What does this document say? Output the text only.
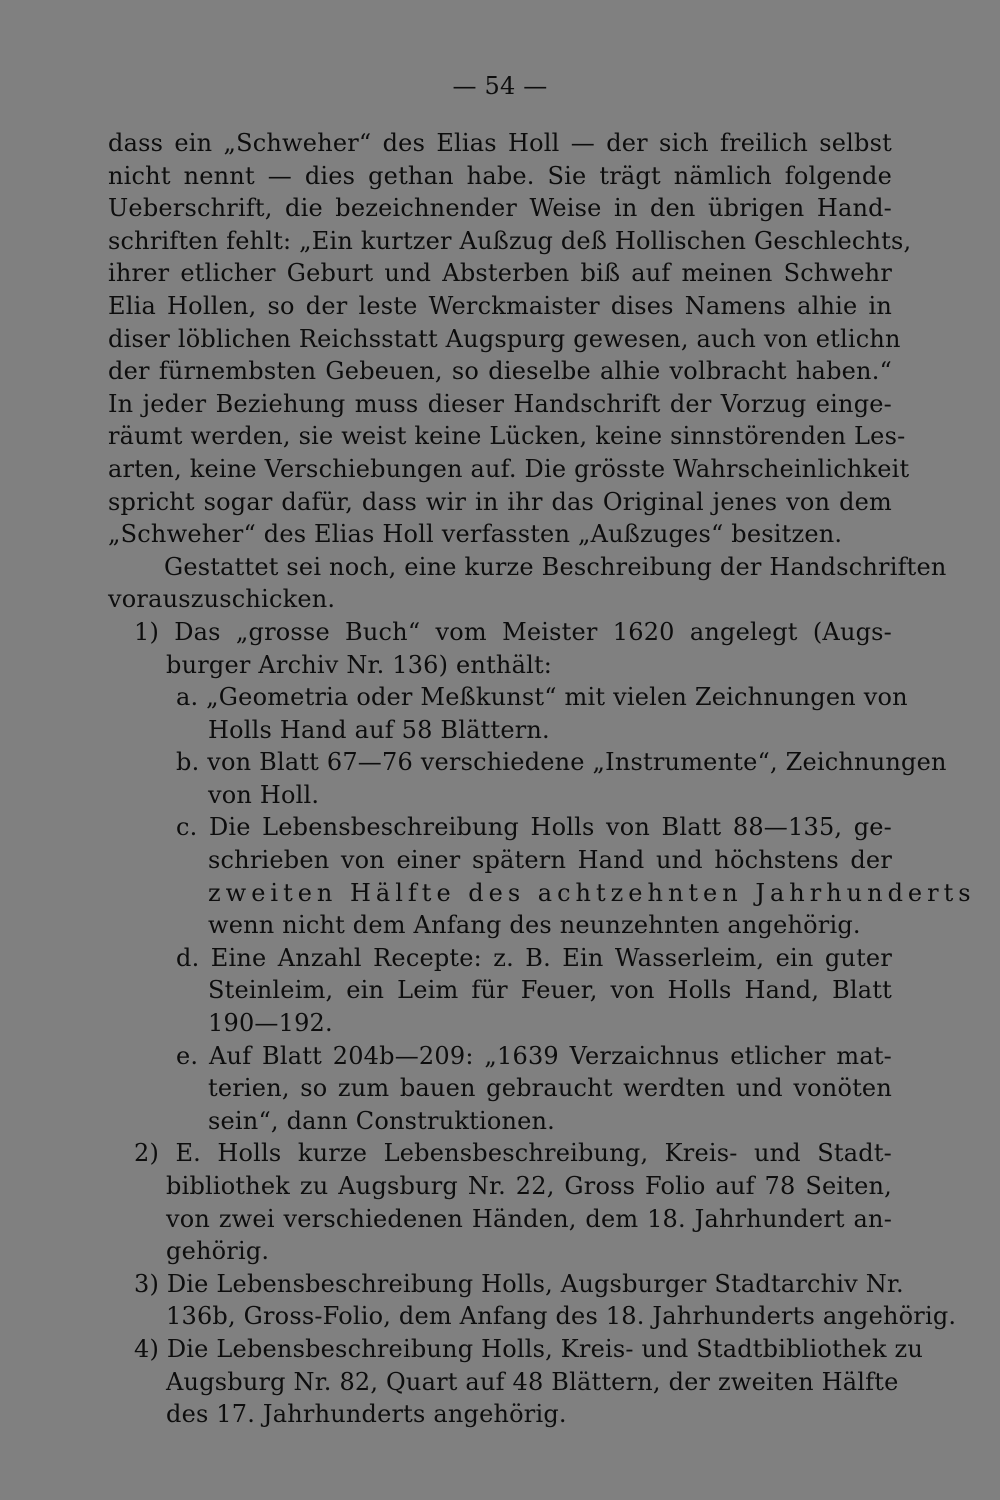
— 54 —
dass ein „Schweher“ des Elias Holl — der sich freilich selbst
nicht nennt — dies gethan habe. Sie trägt nämlich folgende
Ueberschrift, die bezeichnender Weise in den übrigen Hand-
schriften fehlt: „Ein kurtzer Außzug deß Hollischen Geschlechts,
ihrer etlicher Geburt und Absterben biß auf meinen Schwehr
Elia Hollen, so der leste Werckmaister dises Namens alhie in
diser löblichen Reichsstatt Augspurg gewesen, auch von etlichn
der fürnembsten Gebeuen, so dieselbe alhie volbracht haben.“
In jeder Beziehung muss dieser Handschrift der Vorzug einge-
räumt werden, sie weist keine Lücken, keine sinnstörenden Les-
arten, keine Verschiebungen auf. Die grösste Wahrscheinlichkeit
spricht sogar dafür, dass wir in ihr das Original jenes von dem
„Schweher“ des Elias Holl verfassten „Außzuges“ besitzen.
Gestattet sei noch, eine kurze Beschreibung der Handschriften
vorauszuschicken.
1) Das „grosse Buch“ vom Meister 1620 angelegt (Augs-
burger Archiv Nr. 136) enthält:
a. „Geometria oder Meßkunst“ mit vielen Zeichnungen von
Holls Hand auf 58 Blättern.
b. von Blatt 67—76 verschiedene „Instrumente“, Zeichnungen
von Holl.
c. Die Lebensbeschreibung Holls von Blatt 88—135, ge-
schrieben von einer spätern Hand und höchstens der
zweiten Hälfte des achtzehnten Jahrhunderts
wenn nicht dem Anfang des neunzehnten angehörig.
d. Eine Anzahl Recepte: z. B. Ein Wasserleim, ein guter
Steinleim, ein Leim für Feuer, von Holls Hand, Blatt
190—192.
e. Auf Blatt 204b—209: „1639 Verzaichnus etlicher mat-
terien, so zum bauen gebraucht werdten und vonöten
sein“, dann Construktionen.
2) E. Holls kurze Lebensbeschreibung, Kreis- und Stadt-
bibliothek zu Augsburg Nr. 22, Gross Folio auf 78 Seiten,
von zwei verschiedenen Händen, dem 18. Jahrhundert an-
gehörig.
3) Die Lebensbeschreibung Holls, Augsburger Stadtarchiv Nr.
136b, Gross-Folio, dem Anfang des 18. Jahrhunderts angehörig.
4) Die Lebensbeschreibung Holls, Kreis- und Stadtbibliothek zu
Augsburg Nr. 82, Quart auf 48 Blättern, der zweiten Hälfte
des 17. Jahrhunderts angehörig.
